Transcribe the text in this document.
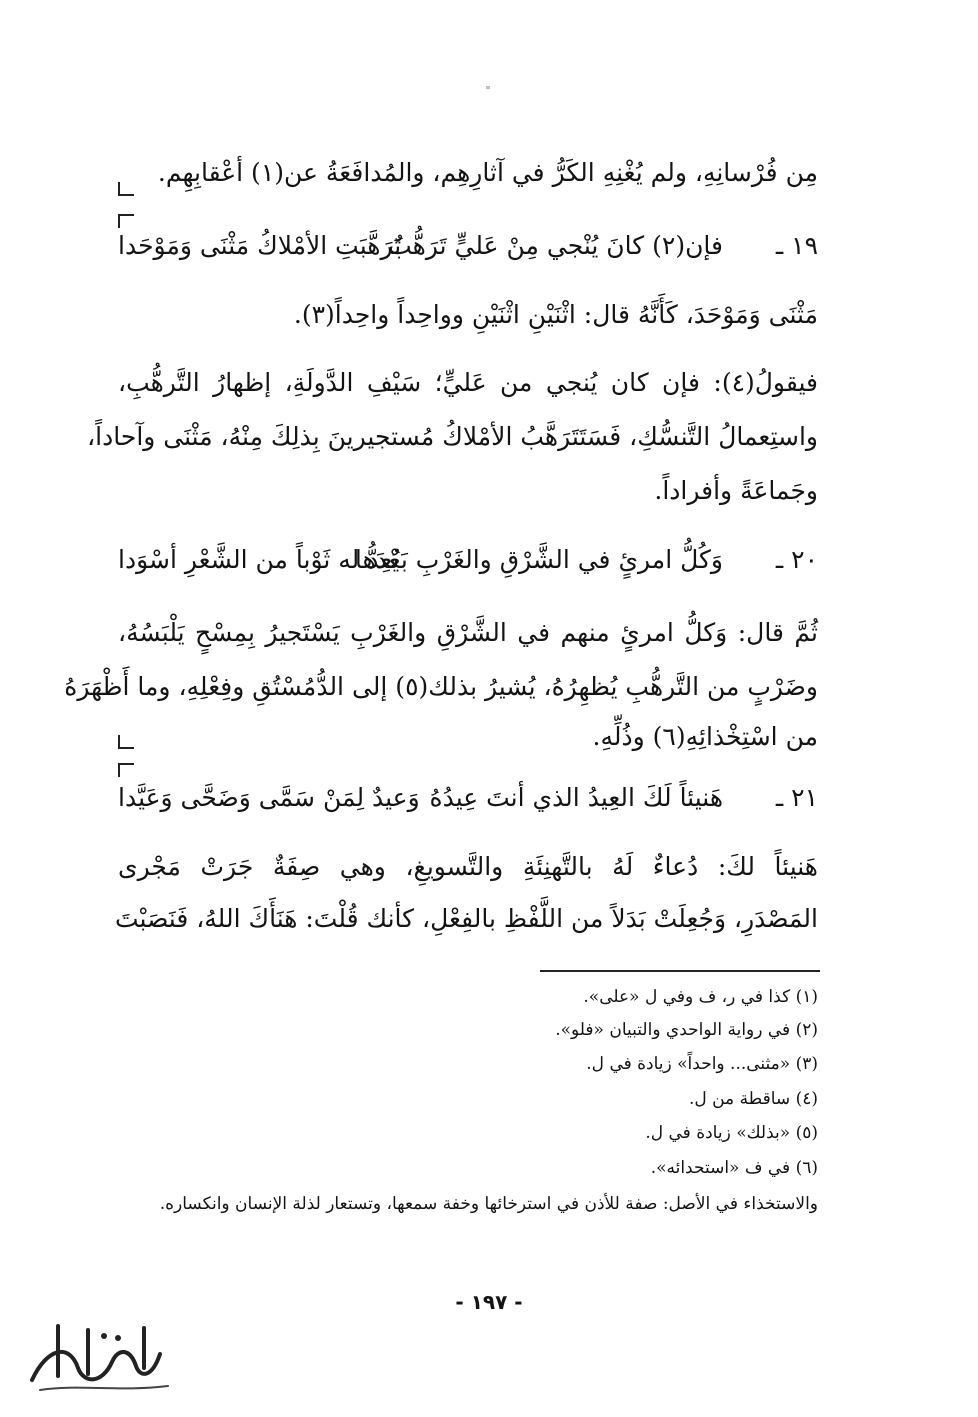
مِن فُرْسانِهِ، ولم يُغْنِهِ الكَرُّ في آثارِهِم، والمُدافَعَةُ عن(١) أعْقابِهِم.
١٩ ـ
فإن(٢) كانَ يُنْجي مِنْ عَليٍّ تَرَهُّبٌ
تَرَهَّبَتِ الأمْلاكُ مَثْنَى وَمَوْحَدا
مَثْنَى وَمَوْحَدَ، كَأَنَّهُ قال: اثْنَيْنِ اثْنَيْنِ وواحِداً واحِداً(٣).
فيقولُ(٤): فإن كان يُنجي من عَليٍّ؛ سَيْفِ الدَّولَةِ، إظهارُ التَّرهُّبِ،
واستِعمالُ التَّنسُّكِ، فَسَتَتَرَهَّبُ الأمْلاكُ مُستجيرينَ بِذلِكَ مِنْهُ، مَثْنَى وآحاداً،
وجَماعَةً وأفراداً.
٢٠ ـ
وَكُلُّ امرئٍ في الشَّرْقِ والغَرْبِ بَعْدَها
يُعِدُّ له ثَوْباً من الشَّعْرِ أسْوَدا
ثُمَّ قال: وَكلُّ امرئٍ منهم في الشَّرْقِ والغَرْبِ يَسْتَجيرُ بِمِسْحٍ يَلْبَسُهُ،
وضَرْبٍ من التَّرهُّبِ يُظهِرُهُ، يُشيرُ بذلك(٥) إلى الدُّمُسْتُقِ وفِعْلِهِ، وما أَظْهَرَهُ
من اسْتِخْذائِهِ(٦) وذُلِّهِ.
٢١ ـ
هَنيئاً لَكَ العِيدُ الذي أنتَ عِيدُهُ
وَعيدٌ لِمَنْ سَمَّى وَضَحَّى وَعَيَّدا
هَنيئاً لكَ: دُعاءٌ لَهُ بالتَّهنِئَةِ والتَّسويغِ، وهي صِفَةٌ جَرَتْ مَجْرى
المَصْدَرِ، وَجُعِلَتْ بَدَلاً من اللَّفْظِ بالفِعْلِ، كأنك قُلْتَ: هَنَأَكَ اللهُ، فَنَصَبْتَ
(١) كذا في ر، ف وفي ل «على».
(٢) في رواية الواحدي والتبيان «فلو».
(٣) «مثنى... واحداً» زيادة في ل.
(٤) ساقطة من ل.
(٥) «بذلك» زيادة في ل.
(٦) في ف «استحدائه».
والاستخذاء في الأصل: صفة للأذن في استرخائها وخفة سمعها، وتستعار لذلة الإنسان وانكساره.
- ١٩٧ -
